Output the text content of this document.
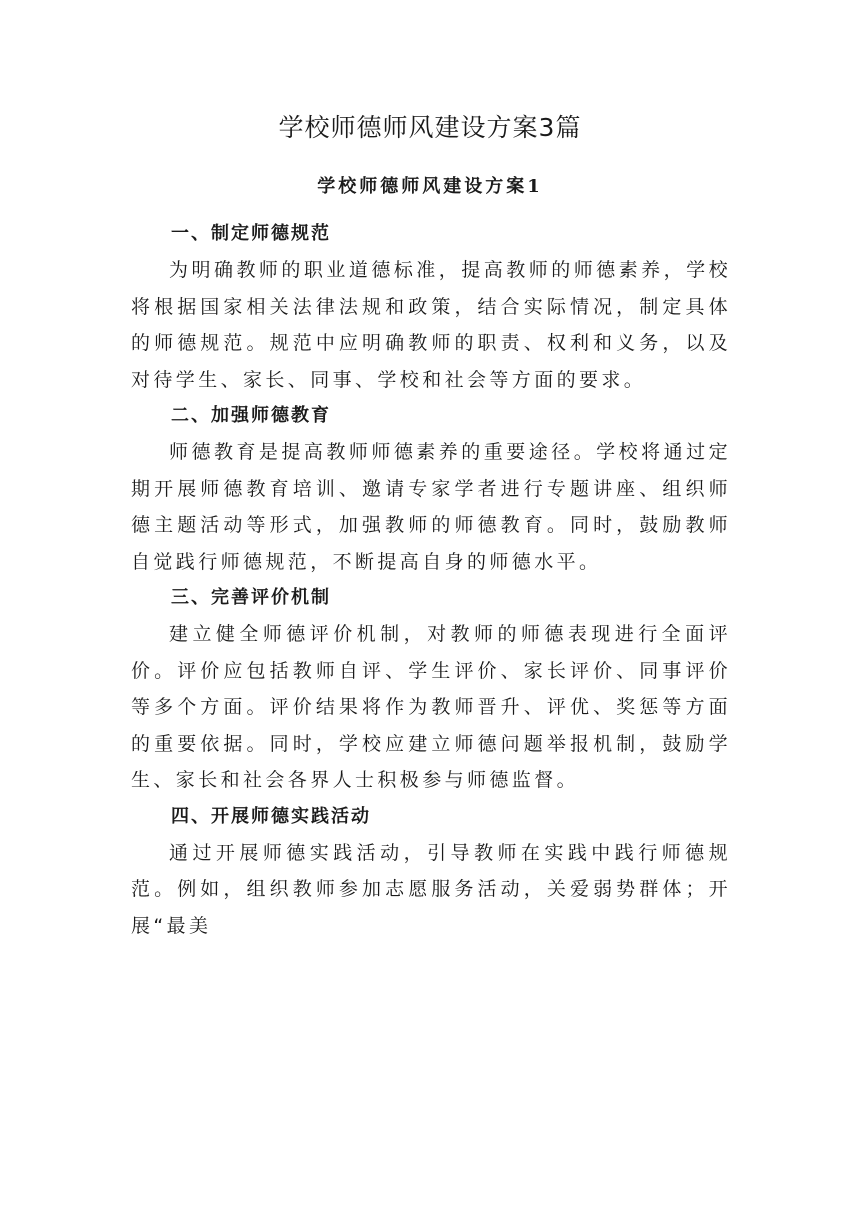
学校师德师风建设方案3篇
学校师德师风建设方案1
一、制定师德规范

为明确教师的职业道德标准，提高教师的师德素养，学校将根据国家相关法律法规和政策，结合实际情况，制定具体的师德规范。规范中应明确教师的职责、权利和义务，以及对待学生、家长、同事、学校和社会等方面的要求。

二、加强师德教育

师德教育是提高教师师德素养的重要途径。学校将通过定期开展师德教育培训、邀请专家学者进行专题讲座、组织师德主题活动等形式，加强教师的师德教育。同时，鼓励教师自觉践行师德规范，不断提高自身的师德水平。

三、完善评价机制

建立健全师德评价机制，对教师的师德表现进行全面评价。评价应包括教师自评、学生评价、家长评价、同事评价等多个方面。评价结果将作为教师晋升、评优、奖惩等方面的重要依据。同时，学校应建立师德问题举报机制，鼓励学生、家长和社会各界人士积极参与师德监督。

四、开展师德实践活动

通过开展师德实践活动，引导教师在实践中践行师德规范。例如，组织教师参加志愿服务活动，关爱弱势群体；开展“最美
